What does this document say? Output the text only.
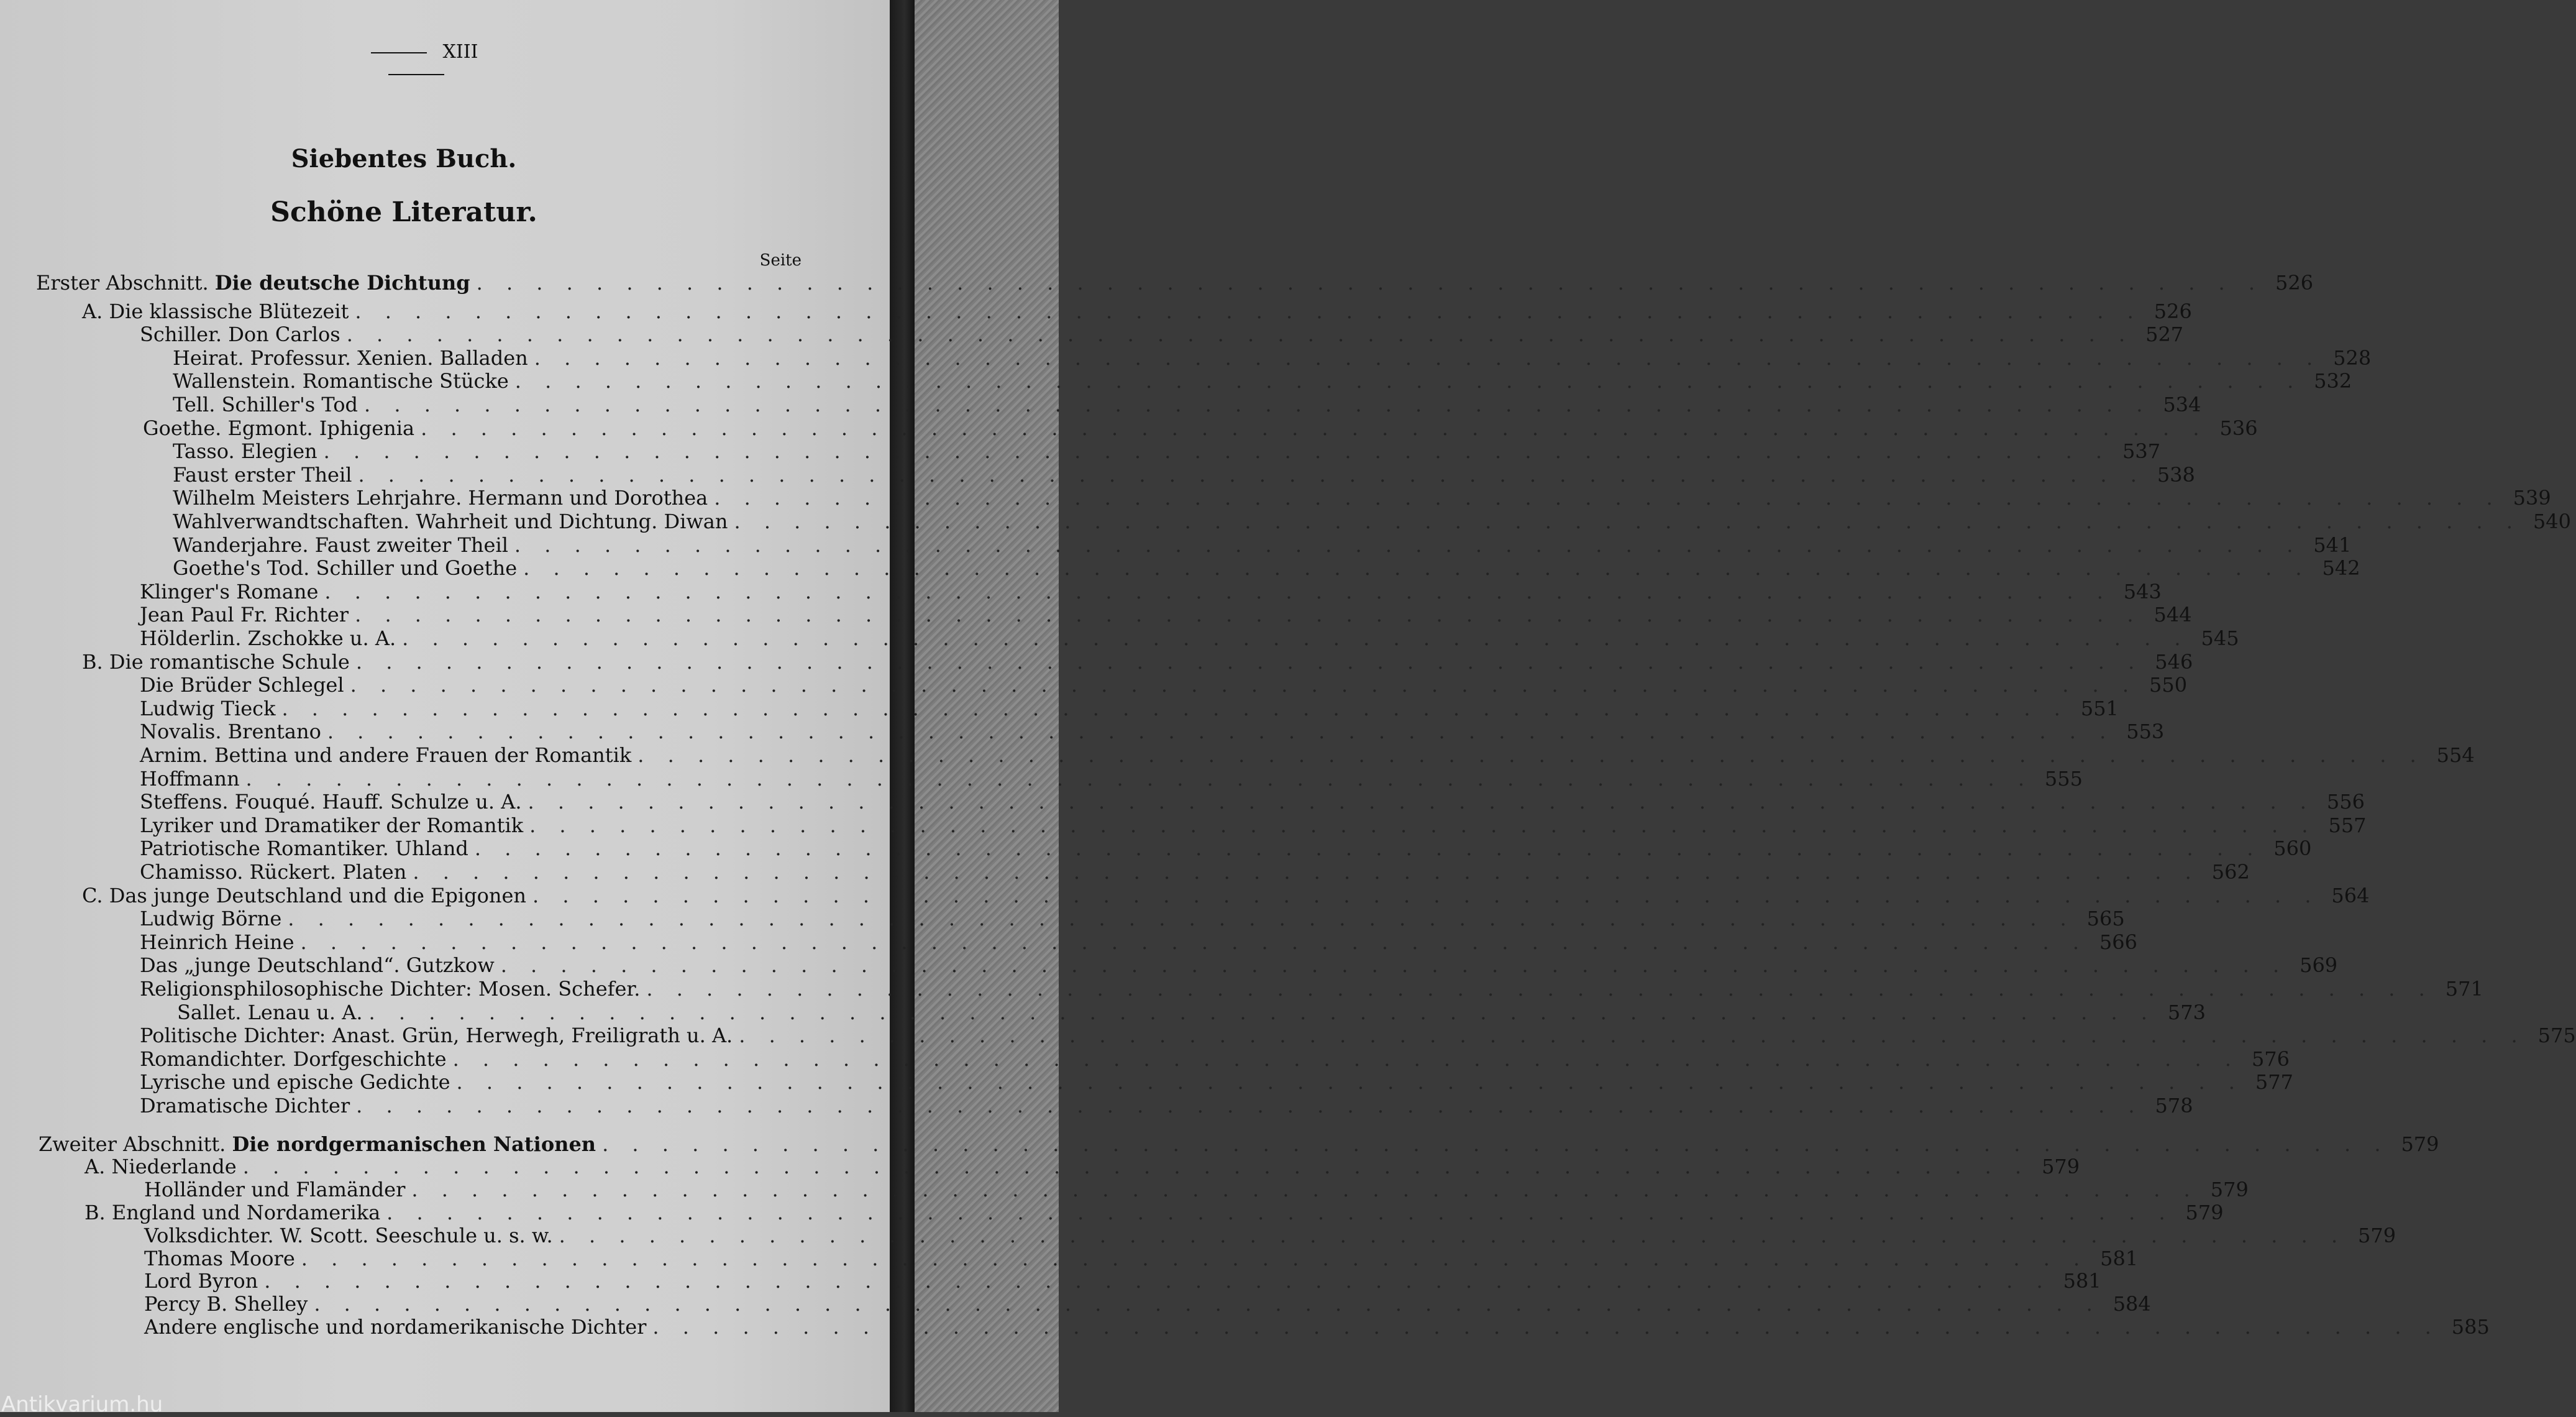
XIII
Siebentes Buch.
Schöne Literatur.
Seite
Erster Abschnitt. Die deutsche Dichtung . . . . . . . . . . . . . . . . . . . . . . . . . . . . . . . . . . . . . . . . . . . . . . . . . . . . . . . . . . . . 526
A. Die klassische Blütezeit . . . . . . . . . . . . . . . . . . . . . . . . . . . . . . . . . . . . . . . . . . . . . . . . . . . . . . . . . . . . 526
Schiller. Don Carlos . . . . . . . . . . . . . . . . . . . . . . . . . . . . . . . . . . . . . . . . . . . . . . . . . . . . . . . . . . . . 527
Heirat. Professur. Xenien. Balladen . . . . . . . . . . . . . . . . . . . . . . . . . . . . . . . . . . . . . . . . . . . . . . . . . . . . . . . . . . . . 528
Wallenstein. Romantische Stücke . . . . . . . . . . . . . . . . . . . . . . . . . . . . . . . . . . . . . . . . . . . . . . . . . . . . . . . . . . . . 532
Tell. Schiller's Tod . . . . . . . . . . . . . . . . . . . . . . . . . . . . . . . . . . . . . . . . . . . . . . . . . . . . . . . . . . . . 534
Goethe. Egmont. Iphigenia . . . . . . . . . . . . . . . . . . . . . . . . . . . . . . . . . . . . . . . . . . . . . . . . . . . . . . . . . . . . 536
Tasso. Elegien . . . . . . . . . . . . . . . . . . . . . . . . . . . . . . . . . . . . . . . . . . . . . . . . . . . . . . . . . . . . 537
Faust erster Theil . . . . . . . . . . . . . . . . . . . . . . . . . . . . . . . . . . . . . . . . . . . . . . . . . . . . . . . . . . . . 538
Wilhelm Meisters Lehrjahre. Hermann und Dorothea . . . . . . . . . . . . . . . . . . . . . . . . . . . . . . . . . . . . . . . . . . . . . . . . . . . . . . . . . . . . 539
Wahlverwandtschaften. Wahrheit und Dichtung. Diwan . . . . . . . . . . . . . . . . . . . . . . . . . . . . . . . . . . . . . . . . . . . . . . . . . . . . . . . . . . . . 540
Wanderjahre. Faust zweiter Theil . . . . . . . . . . . . . . . . . . . . . . . . . . . . . . . . . . . . . . . . . . . . . . . . . . . . . . . . . . . . 541
Goethe's Tod. Schiller und Goethe . . . . . . . . . . . . . . . . . . . . . . . . . . . . . . . . . . . . . . . . . . . . . . . . . . . . . . . . . . . . 542
Klinger's Romane . . . . . . . . . . . . . . . . . . . . . . . . . . . . . . . . . . . . . . . . . . . . . . . . . . . . . . . . . . . . 543
Jean Paul Fr. Richter . . . . . . . . . . . . . . . . . . . . . . . . . . . . . . . . . . . . . . . . . . . . . . . . . . . . . . . . . . . . 544
Hölderlin. Zschokke u. A. . . . . . . . . . . . . . . . . . . . . . . . . . . . . . . . . . . . . . . . . . . . . . . . . . . . . . . . . . . . . 545
B. Die romantische Schule . . . . . . . . . . . . . . . . . . . . . . . . . . . . . . . . . . . . . . . . . . . . . . . . . . . . . . . . . . . . 546
Die Brüder Schlegel . . . . . . . . . . . . . . . . . . . . . . . . . . . . . . . . . . . . . . . . . . . . . . . . . . . . . . . . . . . . 550
Ludwig Tieck . . . . . . . . . . . . . . . . . . . . . . . . . . . . . . . . . . . . . . . . . . . . . . . . . . . . . . . . . . . . 551
Novalis. Brentano . . . . . . . . . . . . . . . . . . . . . . . . . . . . . . . . . . . . . . . . . . . . . . . . . . . . . . . . . . . . 553
Arnim. Bettina und andere Frauen der Romantik . . . . . . . . . . . . . . . . . . . . . . . . . . . . . . . . . . . . . . . . . . . . . . . . . . . . . . . . . . . . 554
Hoffmann . . . . . . . . . . . . . . . . . . . . . . . . . . . . . . . . . . . . . . . . . . . . . . . . . . . . . . . . . . . . 555
Steffens. Fouqué. Hauff. Schulze u. A. . . . . . . . . . . . . . . . . . . . . . . . . . . . . . . . . . . . . . . . . . . . . . . . . . . . . . . . . . . . . 556
Lyriker und Dramatiker der Romantik . . . . . . . . . . . . . . . . . . . . . . . . . . . . . . . . . . . . . . . . . . . . . . . . . . . . . . . . . . . . 557
Patriotische Romantiker. Uhland . . . . . . . . . . . . . . . . . . . . . . . . . . . . . . . . . . . . . . . . . . . . . . . . . . . . . . . . . . . . 560
Chamisso. Rückert. Platen . . . . . . . . . . . . . . . . . . . . . . . . . . . . . . . . . . . . . . . . . . . . . . . . . . . . . . . . . . . . 562
C. Das junge Deutschland und die Epigonen . . . . . . . . . . . . . . . . . . . . . . . . . . . . . . . . . . . . . . . . . . . . . . . . . . . . . . . . . . . . 564
Ludwig Börne . . . . . . . . . . . . . . . . . . . . . . . . . . . . . . . . . . . . . . . . . . . . . . . . . . . . . . . . . . . . 565
Heinrich Heine . . . . . . . . . . . . . . . . . . . . . . . . . . . . . . . . . . . . . . . . . . . . . . . . . . . . . . . . . . . . 566
Das „junge Deutschland“. Gutzkow . . . . . . . . . . . . . . . . . . . . . . . . . . . . . . . . . . . . . . . . . . . . . . . . . . . . . . . . . . . . 569
Religionsphilosophische Dichter: Mosen. Schefer. . . . . . . . . . . . . . . . . . . . . . . . . . . . . . . . . . . . . . . . . . . . . . . . . . . . . . . . . . . . . 571
Sallet. Lenau u. A. . . . . . . . . . . . . . . . . . . . . . . . . . . . . . . . . . . . . . . . . . . . . . . . . . . . . . . . . . . . . 573
Politische Dichter: Anast. Grün, Herwegh, Freiligrath u. A. . . . . . . . . . . . . . . . . . . . . . . . . . . . . . . . . . . . . . . . . . . . . . . . . . . . . . . . . . . . . 575
Romandichter. Dorfgeschichte . . . . . . . . . . . . . . . . . . . . . . . . . . . . . . . . . . . . . . . . . . . . . . . . . . . . . . . . . . . . 576
Lyrische und epische Gedichte . . . . . . . . . . . . . . . . . . . . . . . . . . . . . . . . . . . . . . . . . . . . . . . . . . . . . . . . . . . . 577
Dramatische Dichter . . . . . . . . . . . . . . . . . . . . . . . . . . . . . . . . . . . . . . . . . . . . . . . . . . . . . . . . . . . . 578
Zweiter Abschnitt. Die nordgermanischen Nationen . . . . . . . . . . . . . . . . . . . . . . . . . . . . . . . . . . . . . . . . . . . . . . . . . . . . . . . . . . . . 579
A. Niederlande . . . . . . . . . . . . . . . . . . . . . . . . . . . . . . . . . . . . . . . . . . . . . . . . . . . . . . . . . . . . 579
Holländer und Flamänder . . . . . . . . . . . . . . . . . . . . . . . . . . . . . . . . . . . . . . . . . . . . . . . . . . . . . . . . . . . . 579
B. England und Nordamerika . . . . . . . . . . . . . . . . . . . . . . . . . . . . . . . . . . . . . . . . . . . . . . . . . . . . . . . . . . . . 579
Volksdichter. W. Scott. Seeschule u. s. w. . . . . . . . . . . . . . . . . . . . . . . . . . . . . . . . . . . . . . . . . . . . . . . . . . . . . . . . . . . . . 579
Thomas Moore . . . . . . . . . . . . . . . . . . . . . . . . . . . . . . . . . . . . . . . . . . . . . . . . . . . . . . . . . . . . 581
Lord Byron . . . . . . . . . . . . . . . . . . . . . . . . . . . . . . . . . . . . . . . . . . . . . . . . . . . . . . . . . . . . 581
Percy B. Shelley . . . . . . . . . . . . . . . . . . . . . . . . . . . . . . . . . . . . . . . . . . . . . . . . . . . . . . . . . . . . 584
Andere englische und nordamerikanische Dichter . . . . . . . . . . . . . . . . . . . . . . . . . . . . . . . . . . . . . . . . . . . . . . . . . . . . . . . . . . . . 585
Antikvarium.hu
